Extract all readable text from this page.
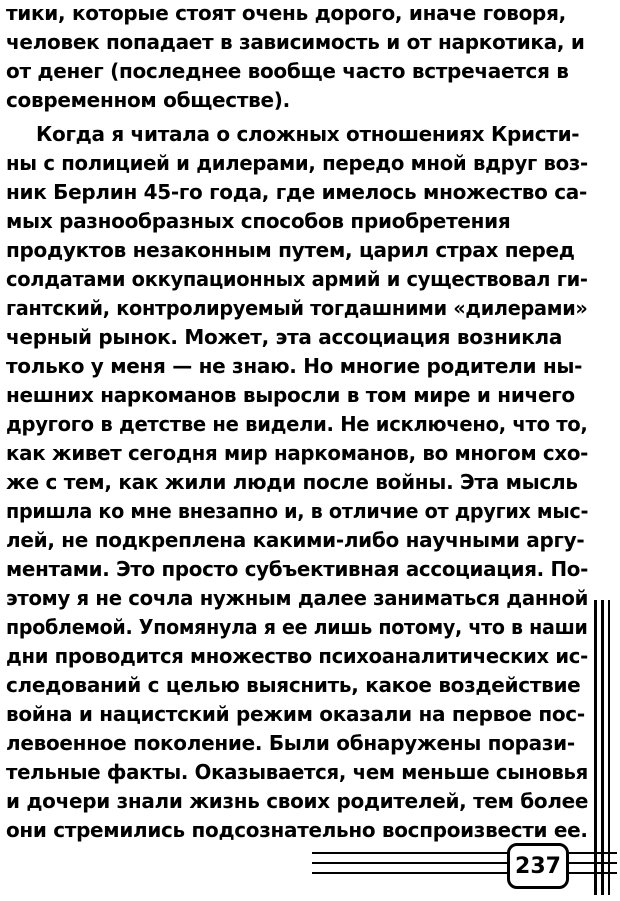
тики, которые стоят очень дорого, иначе говоря,
человек попадает в зависимость и от наркотика, и
от денег (последнее вообще часто встречается в
современном обществе).
Когда я читала о сложных отношениях Кристи-
ны с полицией и дилерами, передо мной вдруг воз-
ник Берлин 45-го года, где имелось множество са-
мых разнообразных способов приобретения
продуктов незаконным путем, царил страх перед
солдатами оккупационных армий и существовал ги-
гантский, контролируемый тогдашними «дилерами»
черный рынок. Может, эта ассоциация возникла
только у меня — не знаю. Но многие родители ны-
нешних наркоманов выросли в том мире и ничего
другого в детстве не видели. Не исключено, что то,
как живет сегодня мир наркоманов, во многом схо-
же с тем, как жили люди после войны. Эта мысль
пришла ко мне внезапно и, в отличие от других мыс-
лей, не подкреплена какими-либо научными аргу-
ментами. Это просто субъективная ассоциация. По-
этому я не сочла нужным далее заниматься данной
проблемой. Упомянула я ее лишь потому, что в наши
дни проводится множество психоаналитических ис-
следований с целью выяснить, какое воздействие
война и нацистский режим оказали на первое пос-
левоенное поколение. Были обнаружены порази-
тельные факты. Оказывается, чем меньше сыновья
и дочери знали жизнь своих родителей, тем более
они стремились подсознательно воспроизвести ее.
237
